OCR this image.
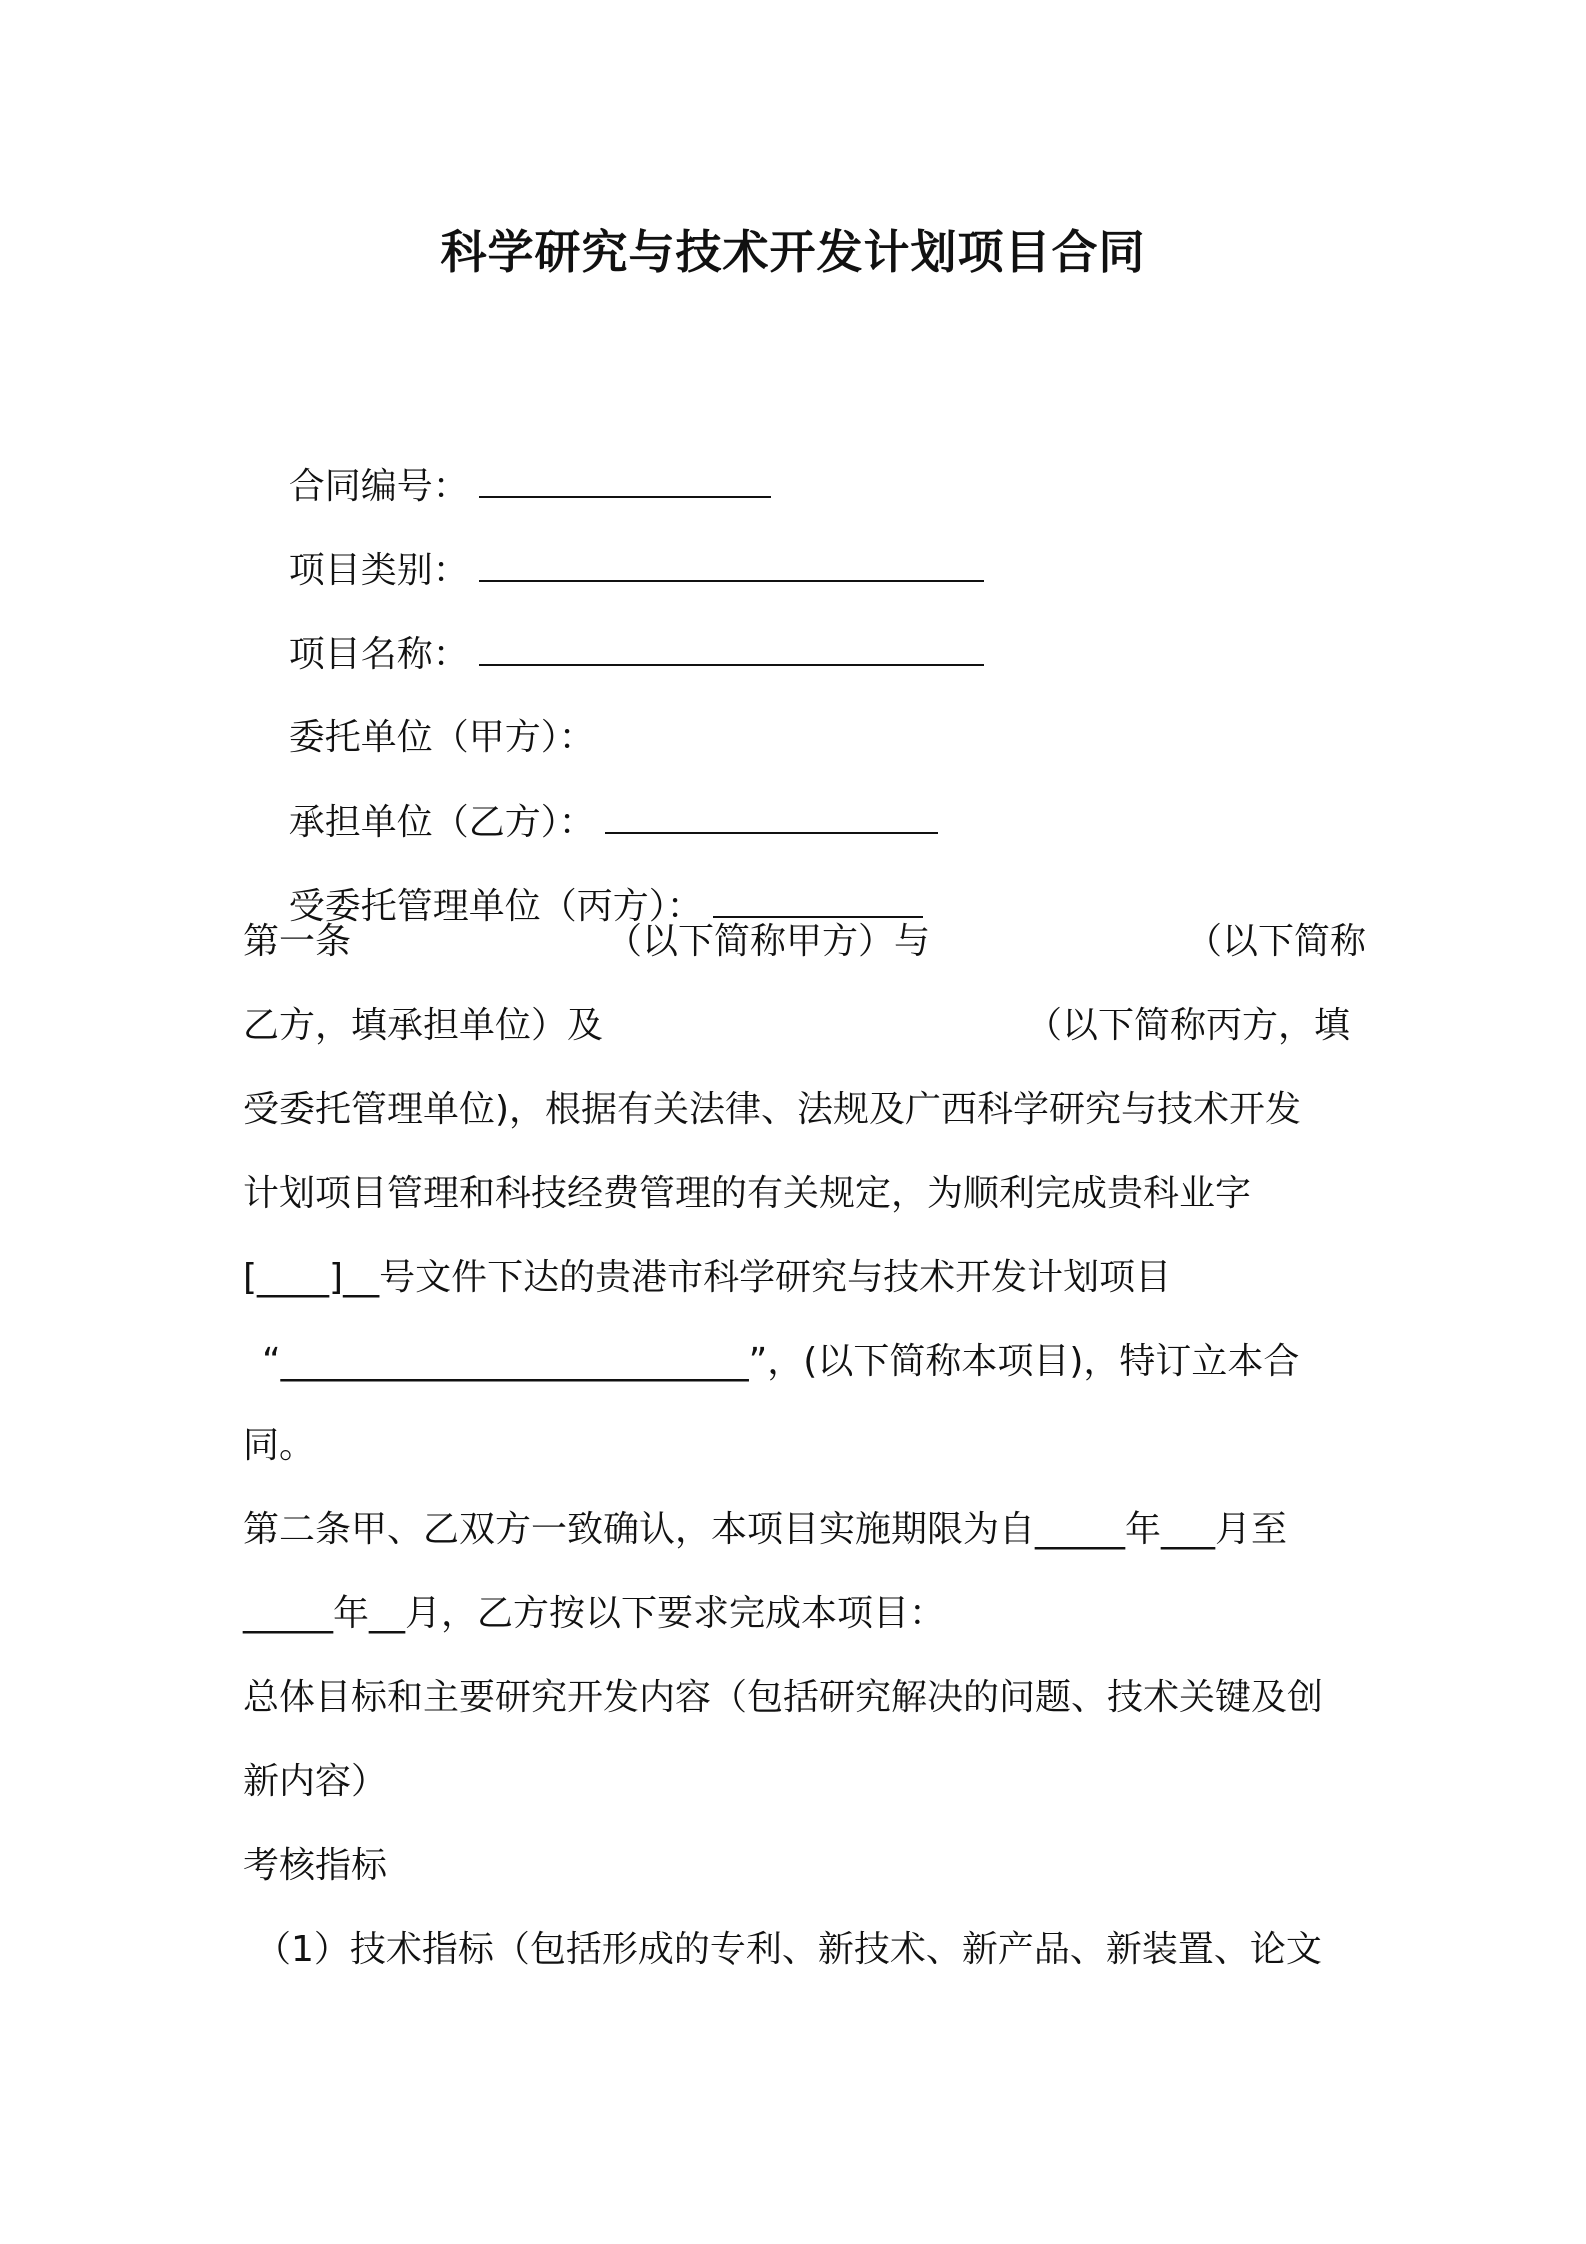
科学研究与技术开发计划项目合同

合同编号：

项目类别：

项目名称：

委托单位（甲方）：

承担单位（乙方）：

受委托管理单位（丙方）：

第一条	（以下简称甲方）与	（以下简称
乙方，填承担单位）及	（以下简称丙方，填
受委托管理单位)，根据有关法律、法规及广西科学研究与技术开发
计划项目管理和科技经费管理的有关规定，为顺利完成贵科业字
[____]__号文件下达的贵港市科学研究与技术开发计划项目
“__________________________”，(以下简称本项目)，特订立本合
同。
第二条甲、乙双方一致确认，本项目实施期限为自_____年___月至
_____年__月，乙方按以下要求完成本项目：
总体目标和主要研究开发内容（包括研究解决的问题、技术关键及创
新内容）
考核指标
（1）技术指标（包括形成的专利、新技术、新产品、新装置、论文
